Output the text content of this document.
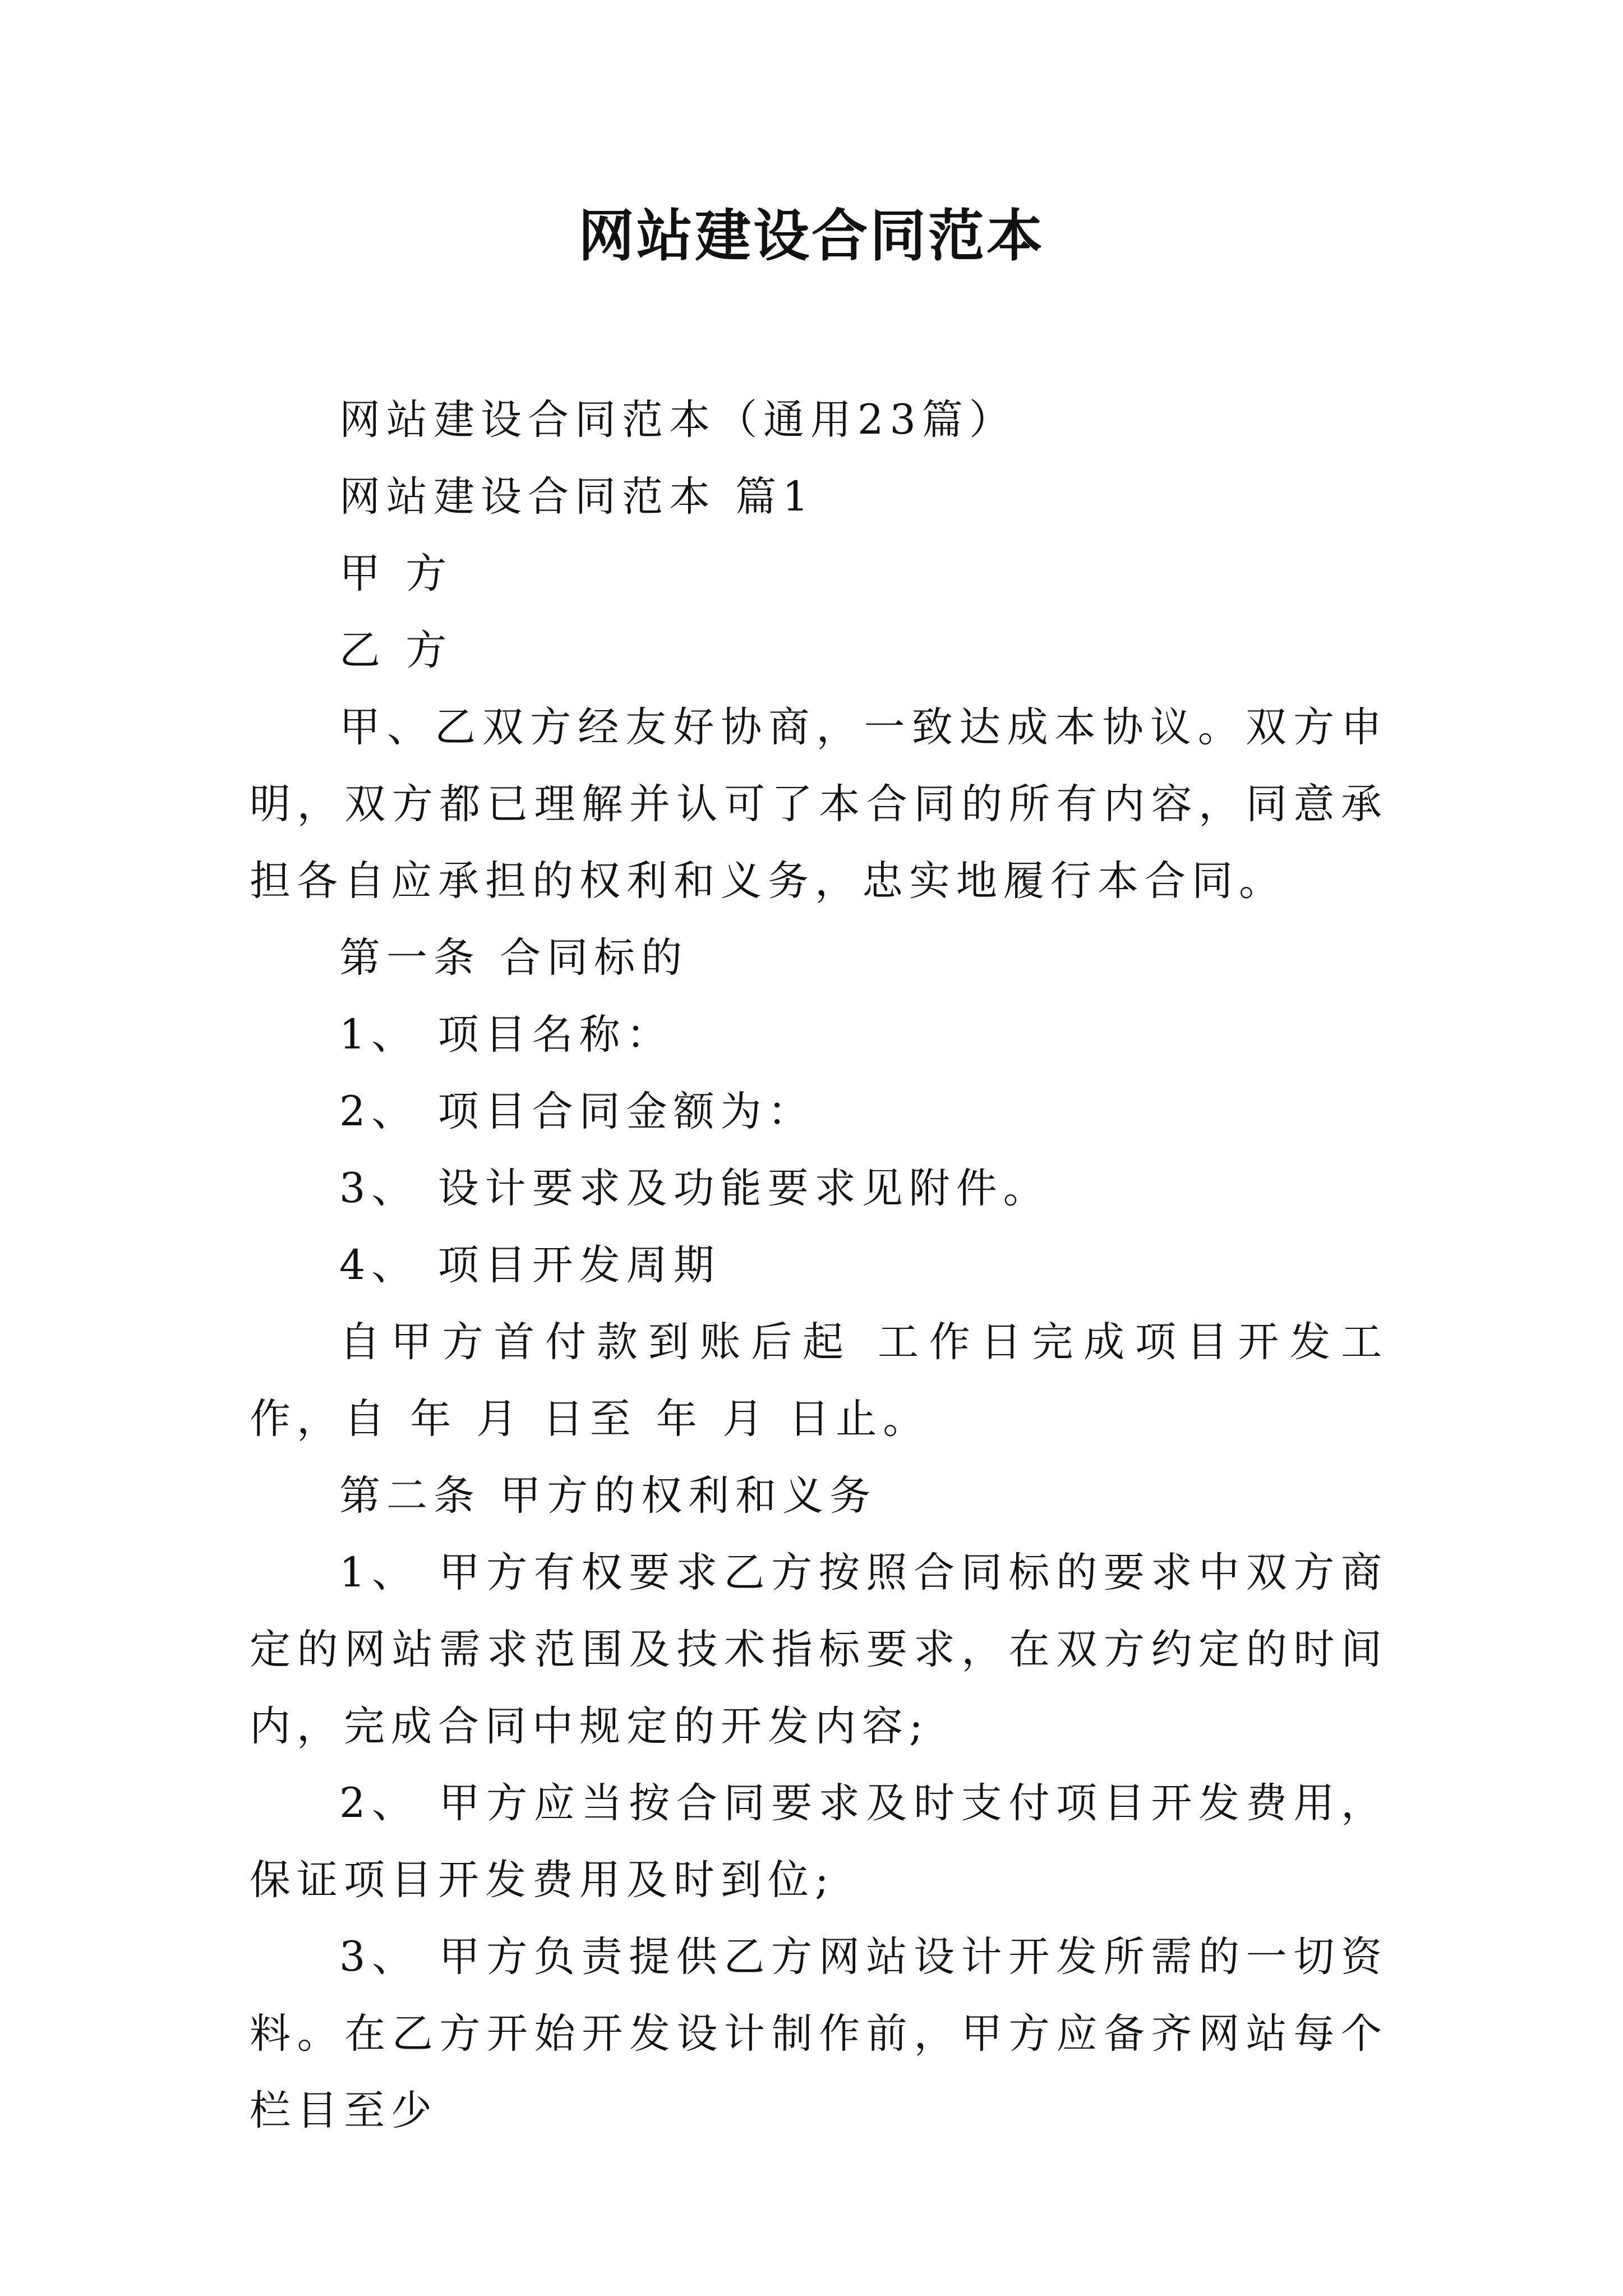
网站建设合同范本

网站建设合同范本（通用23篇）

网站建设合同范本 篇1

甲 方

乙 方

甲、乙双方经友好协商，一致达成本协议。双方申明，双方都已理解并认可了本合同的所有内容，同意承担各自应承担的权利和义务，忠实地履行本合同。

第一条 合同标的

1、 项目名称：

2、 项目合同金额为：

3、 设计要求及功能要求见附件。

4、 项目开发周期

自甲方首付款到账后起 工作日完成项目开发工作，自 年 月 日至 年 月 日止。

第二条 甲方的权利和义务

1、 甲方有权要求乙方按照合同标的要求中双方商定的网站需求范围及技术指标要求，在双方约定的时间内，完成合同中规定的开发内容;

2、 甲方应当按合同要求及时支付项目开发费用，保证项目开发费用及时到位;

3、 甲方负责提供乙方网站设计开发所需的一切资料。在乙方开始开发设计制作前，甲方应备齐网站每个栏目至少
